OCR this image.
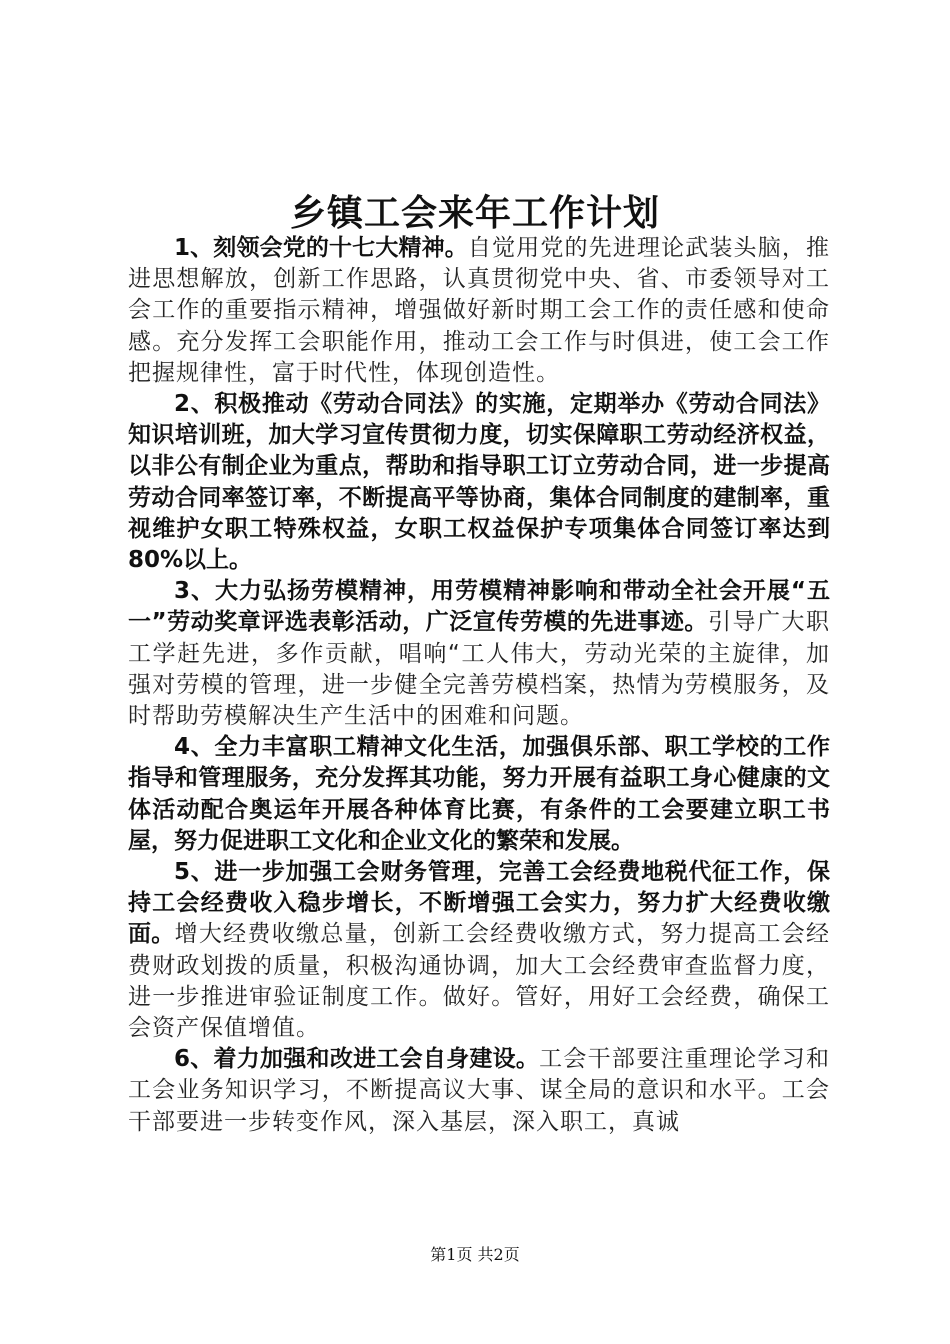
乡镇工会来年工作计划

1、刻领会党的十七大精神。自觉用党的先进理论武装头脑，推进思想解放，创新工作思路，认真贯彻党中央、省、市委领导对工会工作的重要指示精神，增强做好新时期工会工作的责任感和使命感。充分发挥工会职能作用，推动工会工作与时俱进，使工会工作把握规律性，富于时代性，体现创造性。

2、积极推动《劳动合同法》的实施，定期举办《劳动合同法》知识培训班，加大学习宣传贯彻力度，切实保障职工劳动经济权益，以非公有制企业为重点，帮助和指导职工订立劳动合同，进一步提高劳动合同率签订率，不断提高平等协商，集体合同制度的建制率，重视维护女职工特殊权益，女职工权益保护专项集体合同签订率达到80%以上。

3、大力弘扬劳模精神，用劳模精神影响和带动全社会开展“五一”劳动奖章评选表彰活动，广泛宣传劳模的先进事迹。引导广大职工学赶先进，多作贡献，唱响“工人伟大，劳动光荣的主旋律，加强对劳模的管理，进一步健全完善劳模档案，热情为劳模服务，及时帮助劳模解决生产生活中的困难和问题。

4、全力丰富职工精神文化生活，加强俱乐部、职工学校的工作指导和管理服务，充分发挥其功能，努力开展有益职工身心健康的文体活动配合奥运年开展各种体育比赛，有条件的工会要建立职工书屋，努力促进职工文化和企业文化的繁荣和发展。

5、进一步加强工会财务管理，完善工会经费地税代征工作，保持工会经费收入稳步增长，不断增强工会实力，努力扩大经费收缴面。增大经费收缴总量，创新工会经费收缴方式，努力提高工会经费财政划拨的质量，积极沟通协调，加大工会经费审查监督力度，进一步推进审验证制度工作。做好。管好，用好工会经费，确保工会资产保值增值。

6、着力加强和改进工会自身建设。工会干部要注重理论学习和工会业务知识学习，不断提高议大事、谋全局的意识和水平。工会干部要进一步转变作风，深入基层，深入职工，真诚

第1页 共2页
